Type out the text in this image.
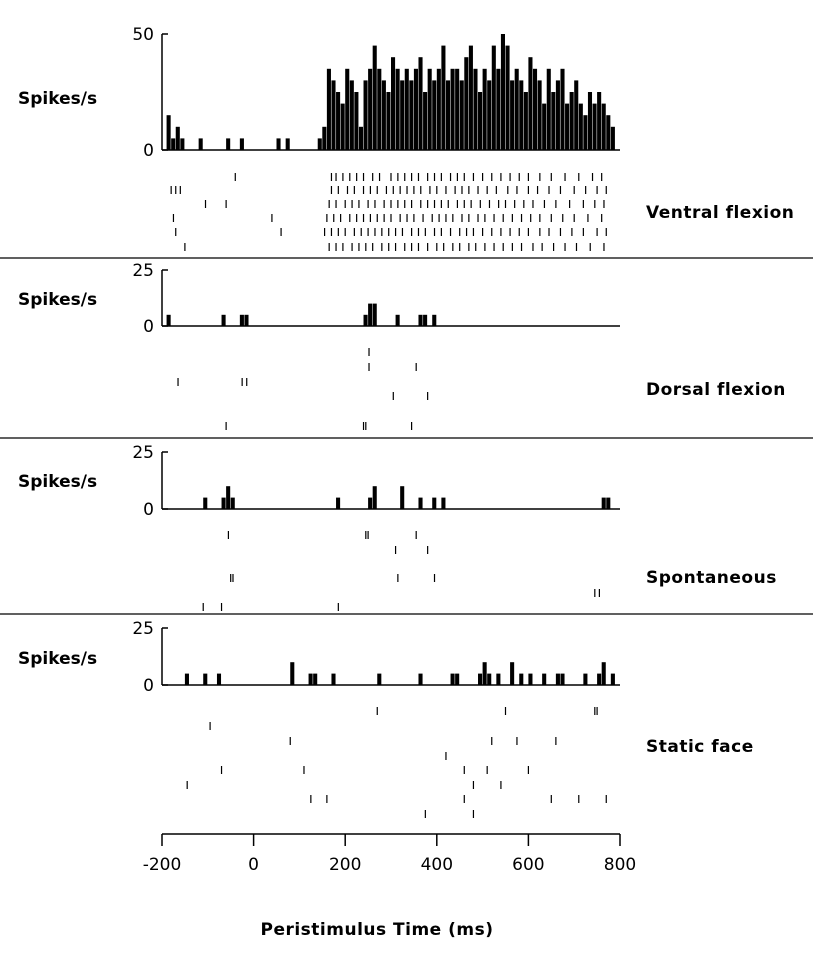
0
50
Spikes/s
Ventral flexion
0
25
Spikes/s
Dorsal flexion
0
25
Spikes/s
Spontaneous
0
25
Spikes/s
Static face
-200	0	200	400	600	800
Peristimulus Time (ms)
